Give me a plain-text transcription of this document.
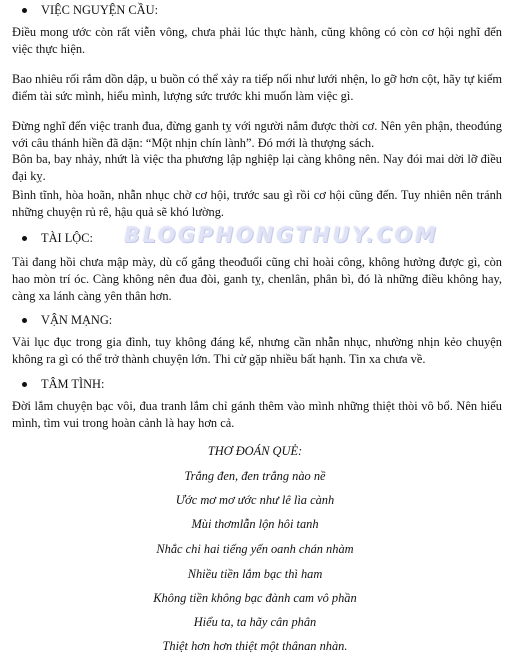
VIỆC NGUYỆN CẦU:

Điều mong ước còn rất viễn vông, chưa phải lúc thực hành, cũng không có còn cơ hội nghĩ đến việc thực hiện.

Bao nhiêu rối rắm dồn dập, u buồn có thể xảy ra tiếp nối như lưới nhện, lo gỡ hơn cột, hãy tự kiểm điểm tài sức mình, hiểu mình, lượng sức trước khi muốn làm việc gì.

Đừng nghĩ đến việc tranh đua, đừng ganh tỵ với người nắm được thời cơ. Nên yên phận, theođúng với câu thánh hiền đã dặn: “Một nhịn chín lành”. Đó mới là thượng sách.

Bôn ba, bay nhảy, nhứt là việc tha phương lập nghiệp lại càng không nên. Nay đói mai dời lỡ điều đại kỵ.

Bình tĩnh, hòa hoãn, nhẫn nhục chờ cơ hội, trước sau gì rồi cơ hội cũng đến. Tuy nhiên nên tránh những chuyện rủ rê, hậu quả sẽ khó lường.

BLOGPHONGTHUY.COM
TÀI LỘC:

Tài đang hồi chưa mập mày, dù cố gắng theođuổi cũng chỉ hoài công, không hưởng được gì, còn hao mòn trí óc. Càng không nên đua đòi, ganh tỵ, chenlân, phân bì, đó là những điều không hay, càng xa lánh càng yên thân hơn.

VẬN MẠNG:

Vài lục đục trong gia đình, tuy không đáng kể, nhưng cần nhẫn nhục, nhường nhịn kẻo chuyện không ra gì có thể trở thành chuyện lớn. Thi cử gặp nhiều bất hạnh. Tin xa chưa về.

TÂM TÌNH:

Đời lắm chuyện bạc vôi, đua tranh lắm chỉ gánh thêm vào mình những thiệt thòi vô bổ. Nên hiểu mình, tìm vui trong hoàn cảnh là hay hơn cả.

THƠ ĐOÁN QUẺ:
Trắng đen, đen trắng nào nề
Ước mơ mơ ước như lê lìa cành
Mùi thơmlẫn lộn hôi tanh
Nhắc chi hai tiếng yến oanh chán nhàm
Nhiều tiền lắm bạc thì ham
Không tiền không bạc đành cam vô phần
Hiểu ta, ta hãy cân phân
Thiệt hơn hơn thiệt một thânan nhàn.
